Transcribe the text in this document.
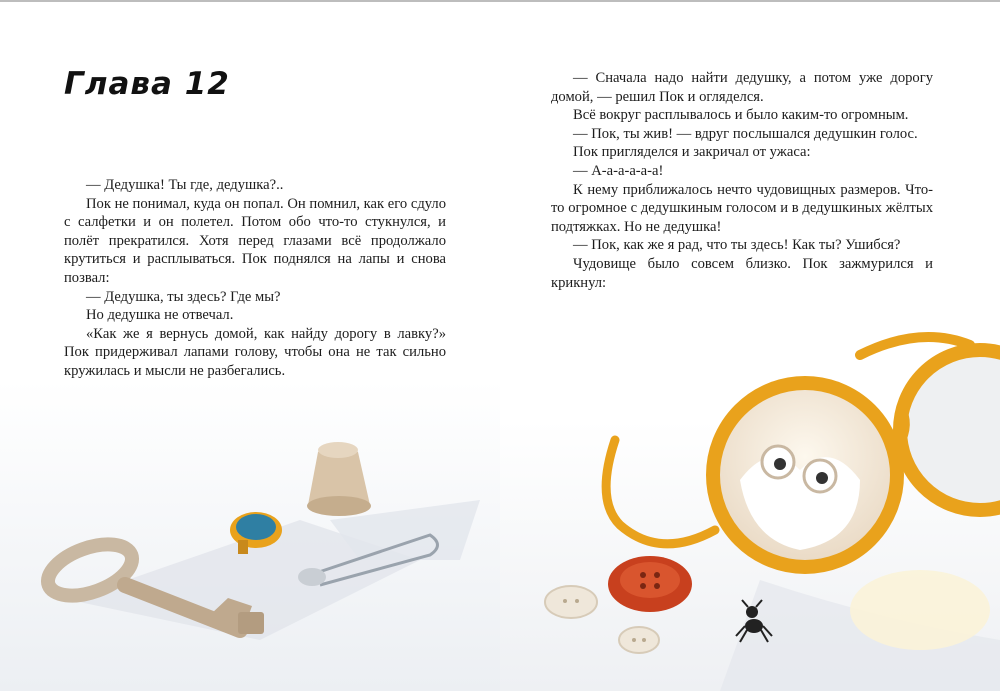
Глава 12

— Дедушка! Ты где, дедушка?..

Пок не понимал, куда он попал. Он помнил, как его сдуло с салфетки и он полетел. Потом обо что-то стукнулся, и полёт прекратился. Хотя перед глазами всё продолжало крутиться и расплываться. Пок поднялся на лапы и снова позвал:

— Дедушка, ты здесь? Где мы?

Но дедушка не отвечал.

«Как же я вернусь домой, как найду дорогу в лавку?» Пок придерживал лапами голову, чтобы она не так сильно кружилась и мысли не разбегались.

— Сначала надо найти дедушку, а потом уже дорогу домой, — решил Пок и огляделся.

Всё вокруг расплывалось и было каким-то огромным.

— Пок, ты жив! — вдруг послышался дедушкин голос.

Пок пригляделся и закричал от ужаса:

— А-а-а-а-а-а!

К нему приближалось нечто чудовищных размеров. Что-то огромное с дедушкиным голосом и в дедушкиных жёлтых подтяжках. Но не дедушка!

— Пок, как же я рад, что ты здесь! Как ты? Ушибся?

Чудовище было совсем близко. Пок зажмурился и крикнул:
